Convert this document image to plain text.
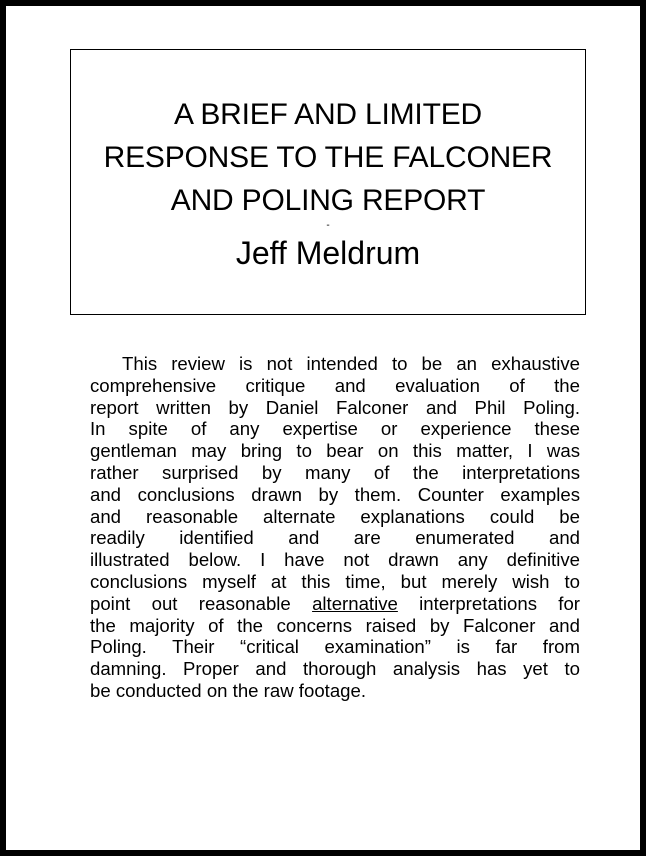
A BRIEF AND LIMITED
RESPONSE TO THE FALCONER
AND POLING REPORT
-
Jeff Meldrum
This review is not intended to be an exhaustive
comprehensive critique and evaluation of the
report written by Daniel Falconer and Phil Poling.
In spite of any expertise or experience these
gentleman may bring to bear on this matter, I was
rather surprised by many of the interpretations
and conclusions drawn by them. Counter examples
and reasonable alternate explanations could be
readily identified and are enumerated and
illustrated below. I have not drawn any definitive
conclusions myself at this time, but merely wish to
point out reasonable alternative interpretations for
the majority of the concerns raised by Falconer and
Poling. Their “critical examination” is far from
damning. Proper and thorough analysis has yet to
be conducted on the raw footage.
